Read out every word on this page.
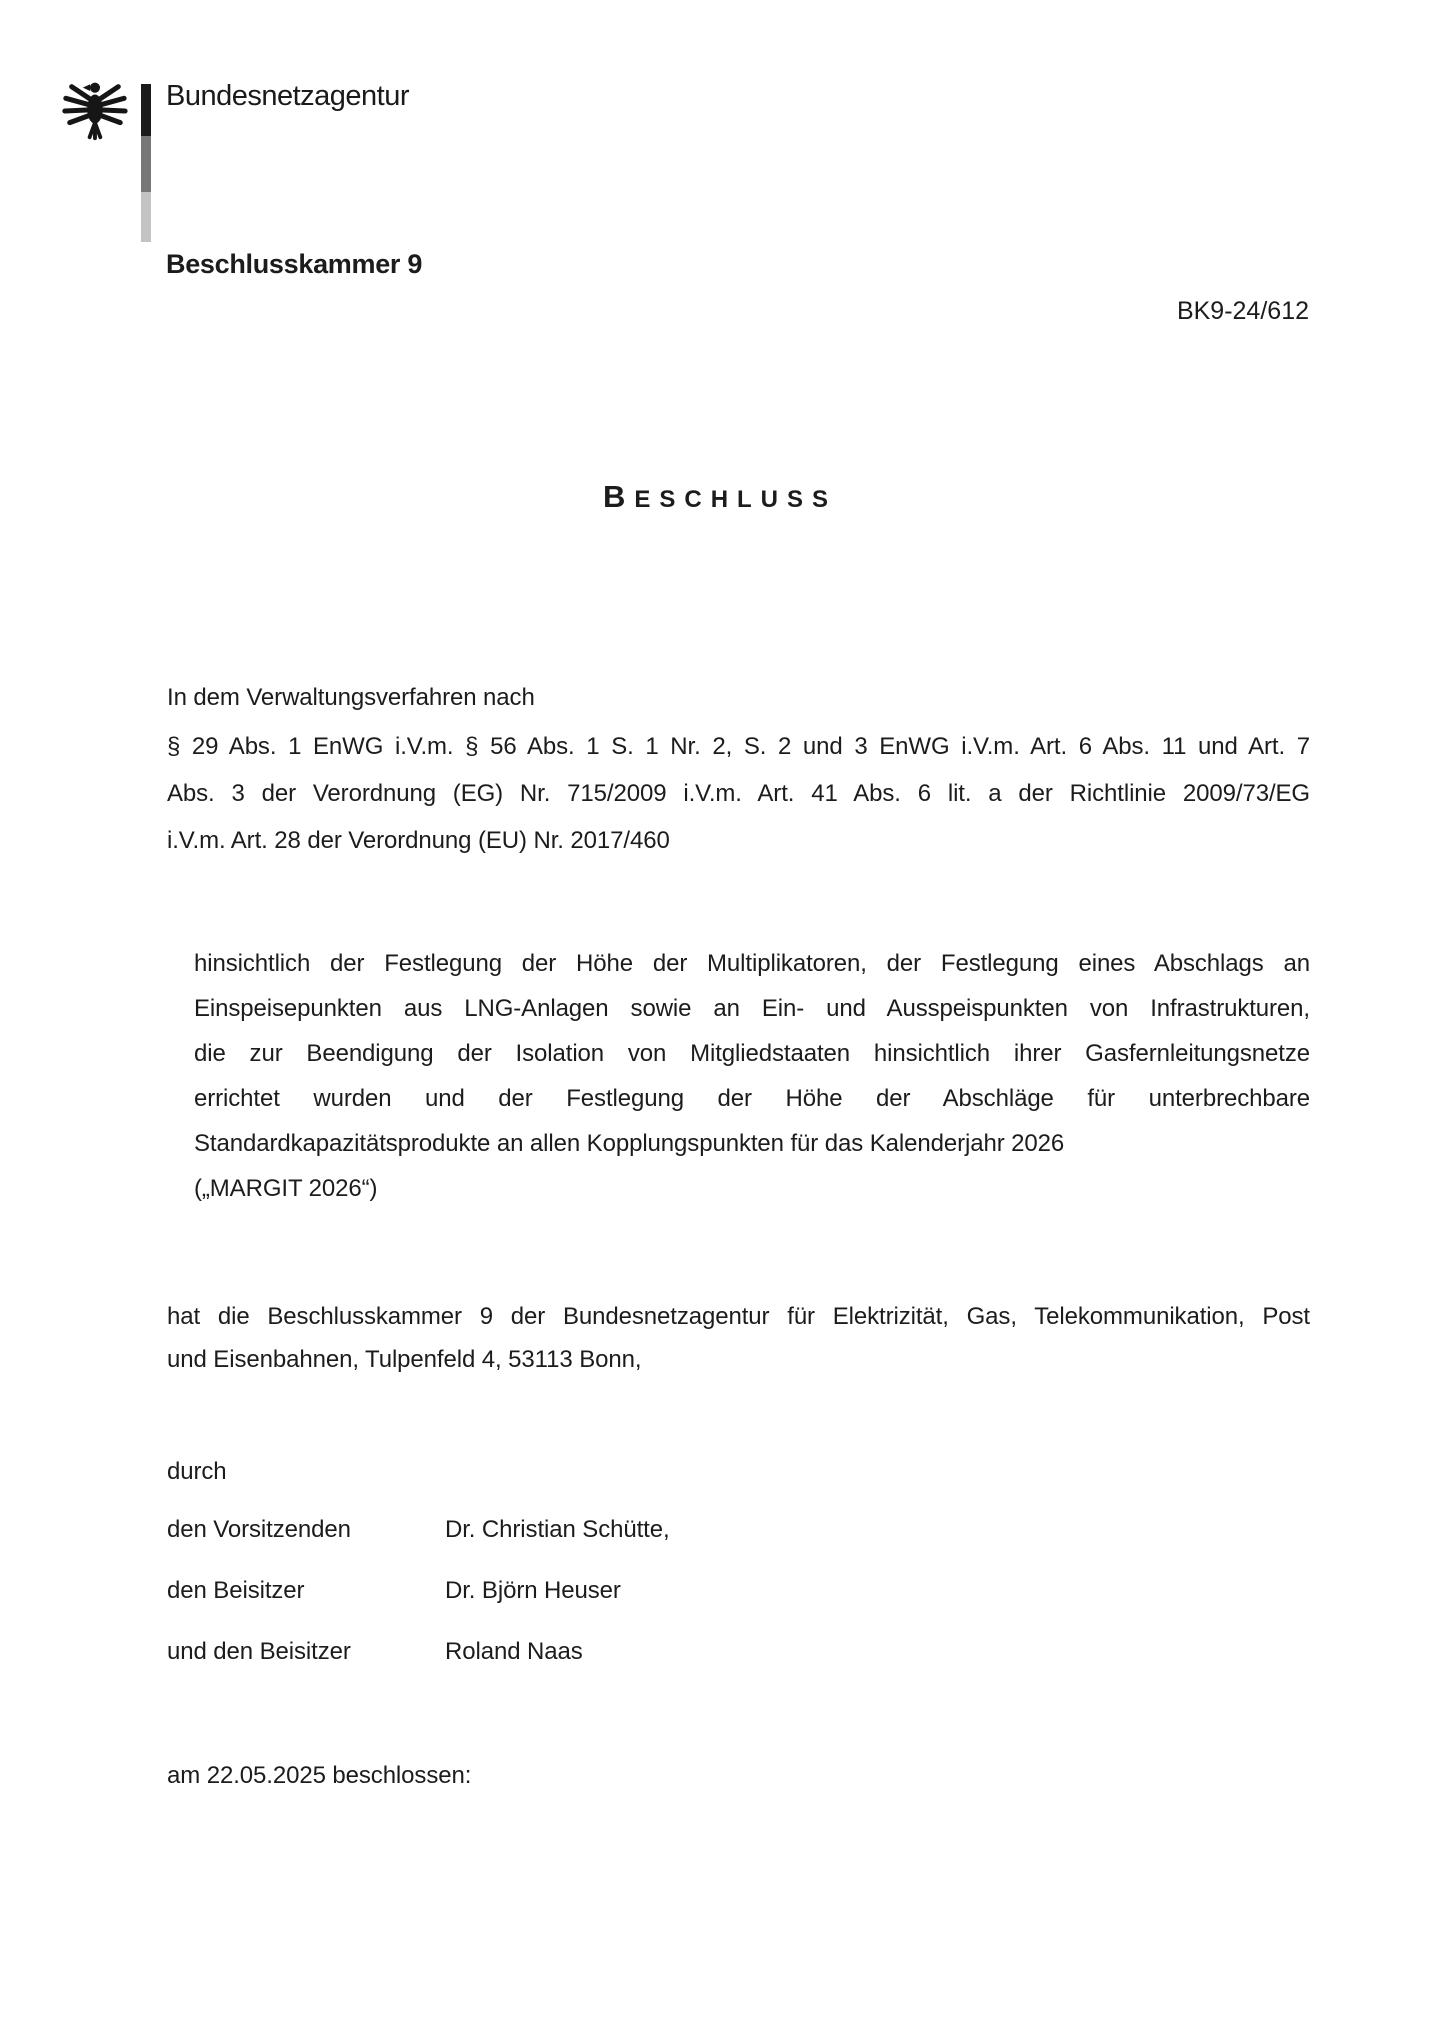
Bundesnetzagentur
Beschlusskammer 9
BK9-24/612
BESCHLUSS
In dem Verwaltungsverfahren nach
§ 29 Abs. 1 EnWG i.V.m. § 56 Abs. 1 S. 1 Nr. 2, S. 2 und 3 EnWG i.V.m. Art. 6 Abs. 11 und Art. 7
Abs. 3 der Verordnung (EG) Nr. 715/2009 i.V.m. Art. 41 Abs. 6 lit. a der Richtlinie 2009/73/EG
i.V.m. Art. 28 der Verordnung (EU) Nr. 2017/460
hinsichtlich der Festlegung der Höhe der Multiplikatoren, der Festlegung eines Abschlags an
Einspeisepunkten aus LNG-Anlagen sowie an Ein- und Ausspeispunkten von Infrastrukturen,
die zur Beendigung der Isolation von Mitgliedstaaten hinsichtlich ihrer Gasfernleitungsnetze
errichtet wurden und der Festlegung der Höhe der Abschläge für unterbrechbare
Standardkapazitätsprodukte an allen Kopplungspunkten für das Kalenderjahr 2026
(„MARGIT 2026“)
hat die Beschlusskammer 9 der Bundesnetzagentur für Elektrizität, Gas, Telekommunikation, Post
und Eisenbahnen, Tulpenfeld 4, 53113 Bonn,
durch
den Vorsitzenden	Dr. Christian Schütte,
den Beisitzer	Dr. Björn Heuser
und den Beisitzer	Roland Naas
am 22.05.2025 beschlossen:
